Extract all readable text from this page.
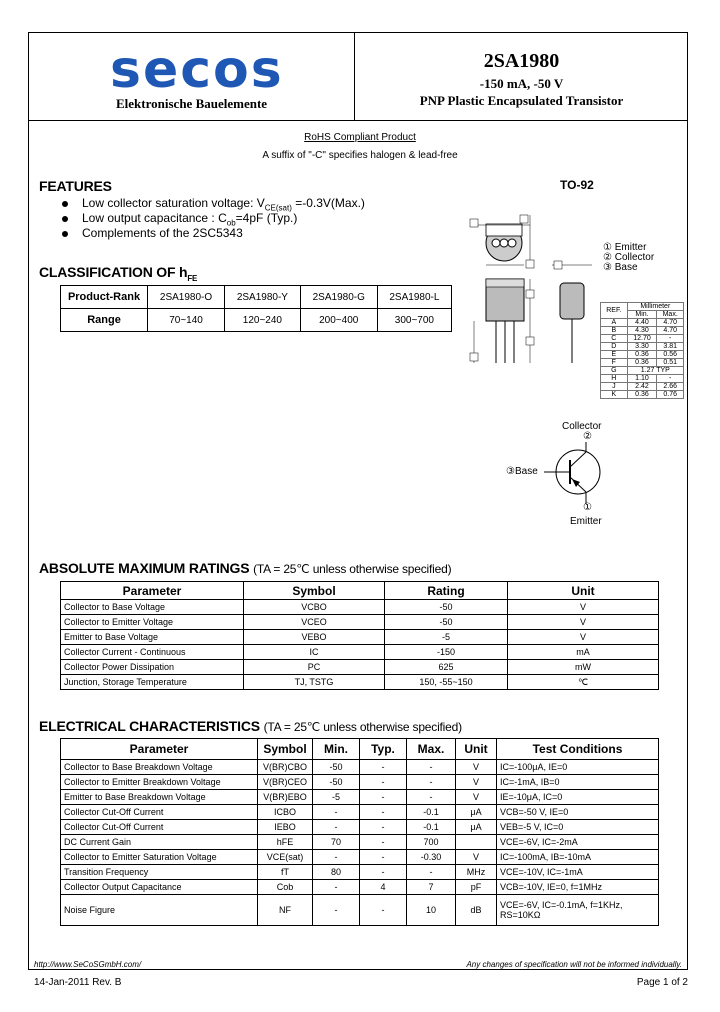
secos
Elektronische Bauelemente
2SA1980
-150 mA, -50 V
PNP Plastic Encapsulated Transistor
RoHS Compliant Product
A suffix of "-C" specifies halogen & lead-free
FEATURES
Low collector saturation voltage: $V_{CE(sat)} =-0.3V(Max.)$
Low output capacitance : $C_{ob}=4pF$ (Typ.)
Complements of the 2SC5343
CLASSIFICATION OF $h_{FE}$
Product-Rank	2SA1980-O	2SA1980-Y	2SA1980-G	2SA1980-L
Range	70~140	120~240	200~400	300~700
TO-92
① Emitter
② Collector
③ Base
REF.	Millimeter	
	Min.	Max.
A	4.40	4.70
B	4.30	4.70
C	12.70	-
D	3.30	3.81
E	0.36	0.56
F	0.36	0.51
G	1.27 TYP	
H	1.10	-
J	2.42	2.66
K	0.36	0.76
Collector
②
③Base
①
Emitter
ABSOLUTE MAXIMUM RATINGS (TA = 25℃ unless otherwise specified)
Parameter	Symbol	Rating	Unit
Collector to Base Voltage	VCBO	-50	V
Collector to Emitter Voltage	VCEO	-50	V
Emitter to Base Voltage	VEBO	-5	V
Collector Current - Continuous	IC	-150	mA
Collector Power Dissipation	PC	625	mW
Junction, Storage Temperature	TJ, TSTG	150, -55~150	℃
ELECTRICAL CHARACTERISTICS (TA = 25℃ unless otherwise specified)
Parameter	Symbol	Min.	Typ.	Max.	Unit	Test Conditions
Collector to Base Breakdown Voltage	V(BR)CBO	-50	-	-	V	IC=-100μA, IE=0
Collector to Emitter Breakdown Voltage	V(BR)CEO	-50	-	-	V	IC=-1mA, IB=0
Emitter to Base Breakdown Voltage	V(BR)EBO	-5	-	-	V	IE=-10μA, IC=0
Collector Cut-Off Current	ICBO	-	-	-0.1	μA	VCB=-50 V, IE=0
Collector Cut-Off Current	IEBO	-	-	-0.1	μA	VEB=-5 V, IC=0
DC Current Gain	hFE	70	-	700		VCE=-6V, IC=-2mA
Collector to Emitter Saturation Voltage	VCE(sat)	-	-	-0.30	V	IC=-100mA, IB=-10mA
Transition Frequency	fT	80	-	-	MHz	VCE=-10V, IC=-1mA
Collector Output Capacitance	Cob	-	4	7	pF	VCB=-10V, IE=0, f=1MHz
Noise Figure	NF	-	-	10	dB	VCE=-6V, IC=-0.1mA, f=1KHz,
RS=10KΩ
http://www.SeCoSGmbH.com/	Any changes of specification will not be informed individually.
14-Jan-2011 Rev. B	Page 1 of 2
